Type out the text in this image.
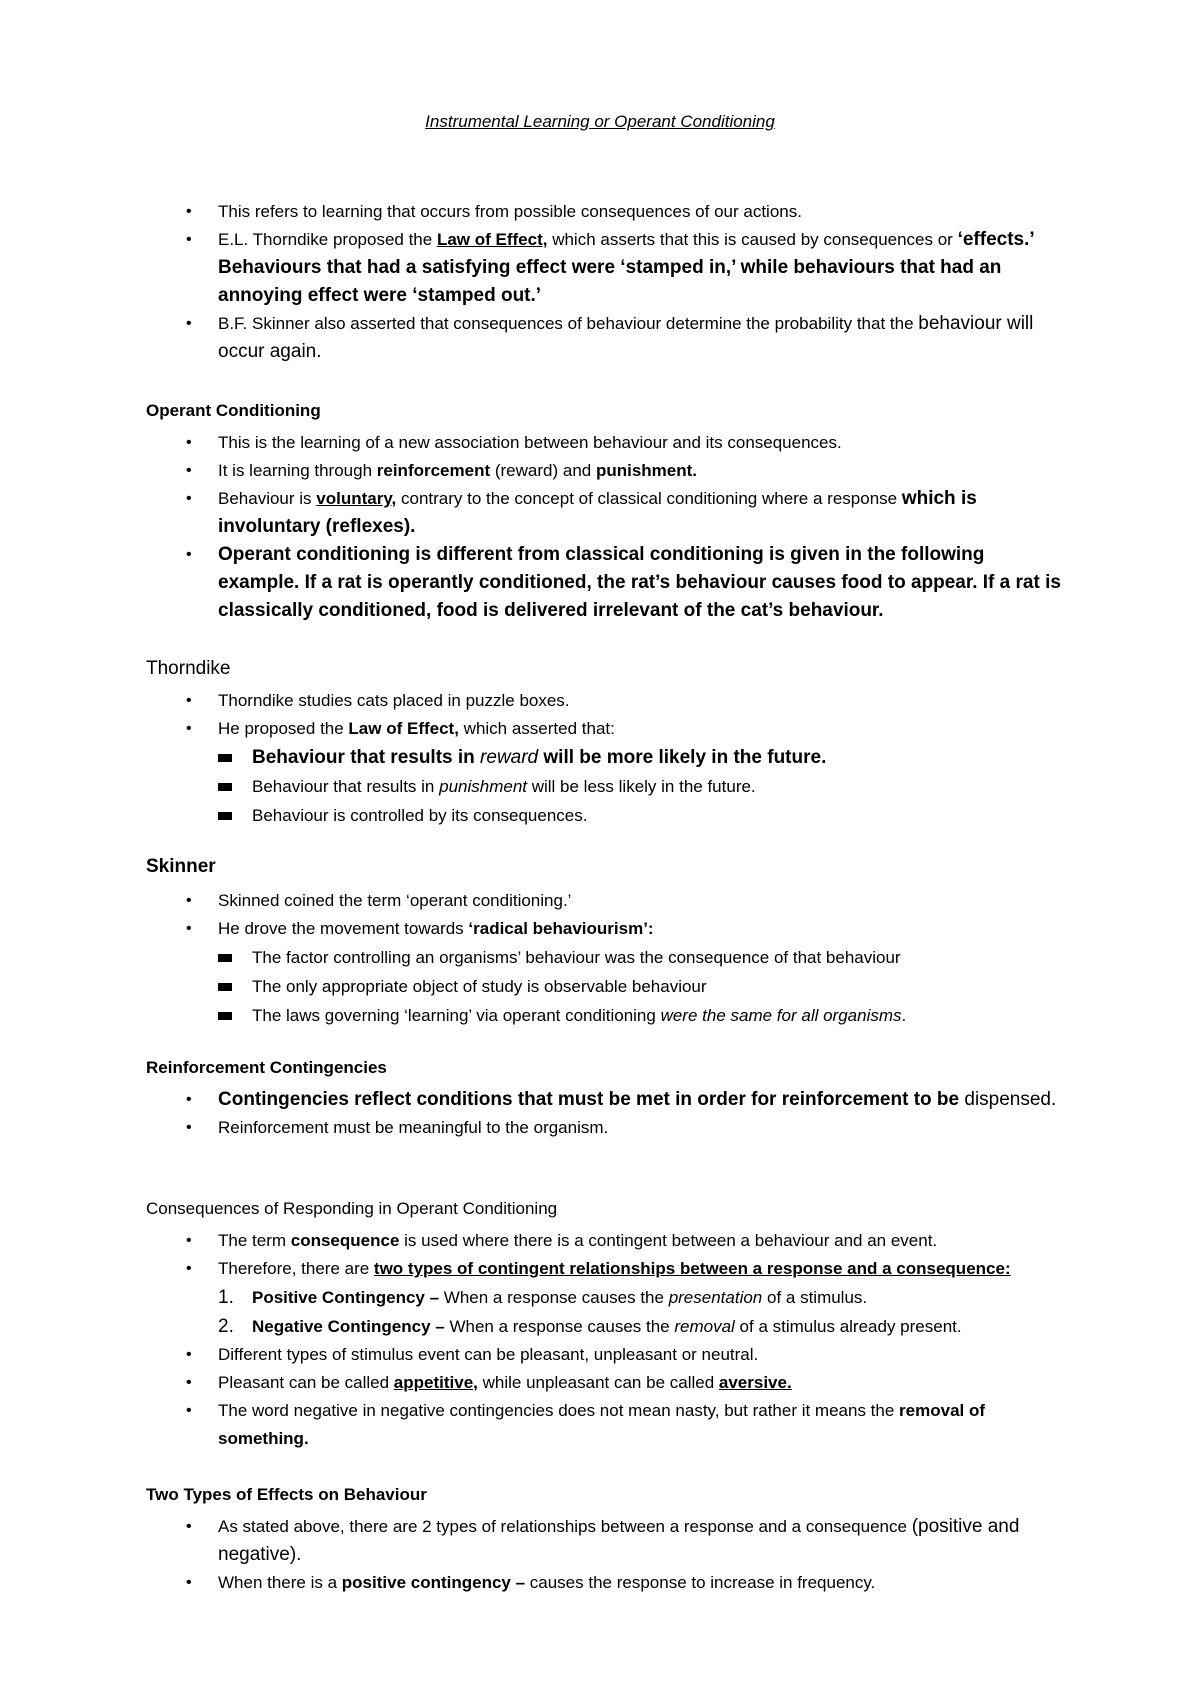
Instrumental Learning or Operant Conditioning
• This refers to learning that occurs from possible consequences of our actions.
• E.L. Thorndike proposed the Law of Effect, which asserts that this is caused by consequences or ‘effects.’ Behaviours that had a satisfying effect were ‘stamped in,’ while behaviours that had an annoying effect were ‘stamped out.’
• B.F. Skinner also asserted that consequences of behaviour determine the probability that the behaviour will occur again.
Operant Conditioning
• This is the learning of a new association between behaviour and its consequences.
• It is learning through reinforcement (reward) and punishment.
• Behaviour is voluntary, contrary to the concept of classical conditioning where a response which is involuntary (reflexes).
• Operant conditioning is different from classical conditioning is given in the following example. If a rat is operantly conditioned, the rat’s behaviour causes food to appear. If a rat is classically conditioned, food is delivered irrelevant of the cat’s behaviour.
Thorndike
• Thorndike studies cats placed in puzzle boxes.
• He proposed the Law of Effect, which asserted that:
Behaviour that results in reward will be more likely in the future.
Behaviour that results in punishment will be less likely in the future.
Behaviour is controlled by its consequences.
Skinner
• Skinned coined the term ‘operant conditioning.’
• He drove the movement towards ‘radical behaviourism’:
The factor controlling an organisms’ behaviour was the consequence of that behaviour
The only appropriate object of study is observable behaviour
The laws governing ‘learning’ via operant conditioning were the same for all organisms.
Reinforcement Contingencies
• Contingencies reflect conditions that must be met in order for reinforcement to be dispensed.
• Reinforcement must be meaningful to the organism.
Consequences of Responding in Operant Conditioning
• The term consequence is used where there is a contingent between a behaviour and an event.
• Therefore, there are two types of contingent relationships between a response and a consequence:
1. Positive Contingency – When a response causes the presentation of a stimulus.
2. Negative Contingency – When a response causes the removal of a stimulus already present.
• Different types of stimulus event can be pleasant, unpleasant or neutral.
• Pleasant can be called appetitive, while unpleasant can be called aversive.
• The word negative in negative contingencies does not mean nasty, but rather it means the removal of something.
Two Types of Effects on Behaviour
• As stated above, there are 2 types of relationships between a response and a consequence (positive and negative).
• When there is a positive contingency – causes the response to increase in frequency.
